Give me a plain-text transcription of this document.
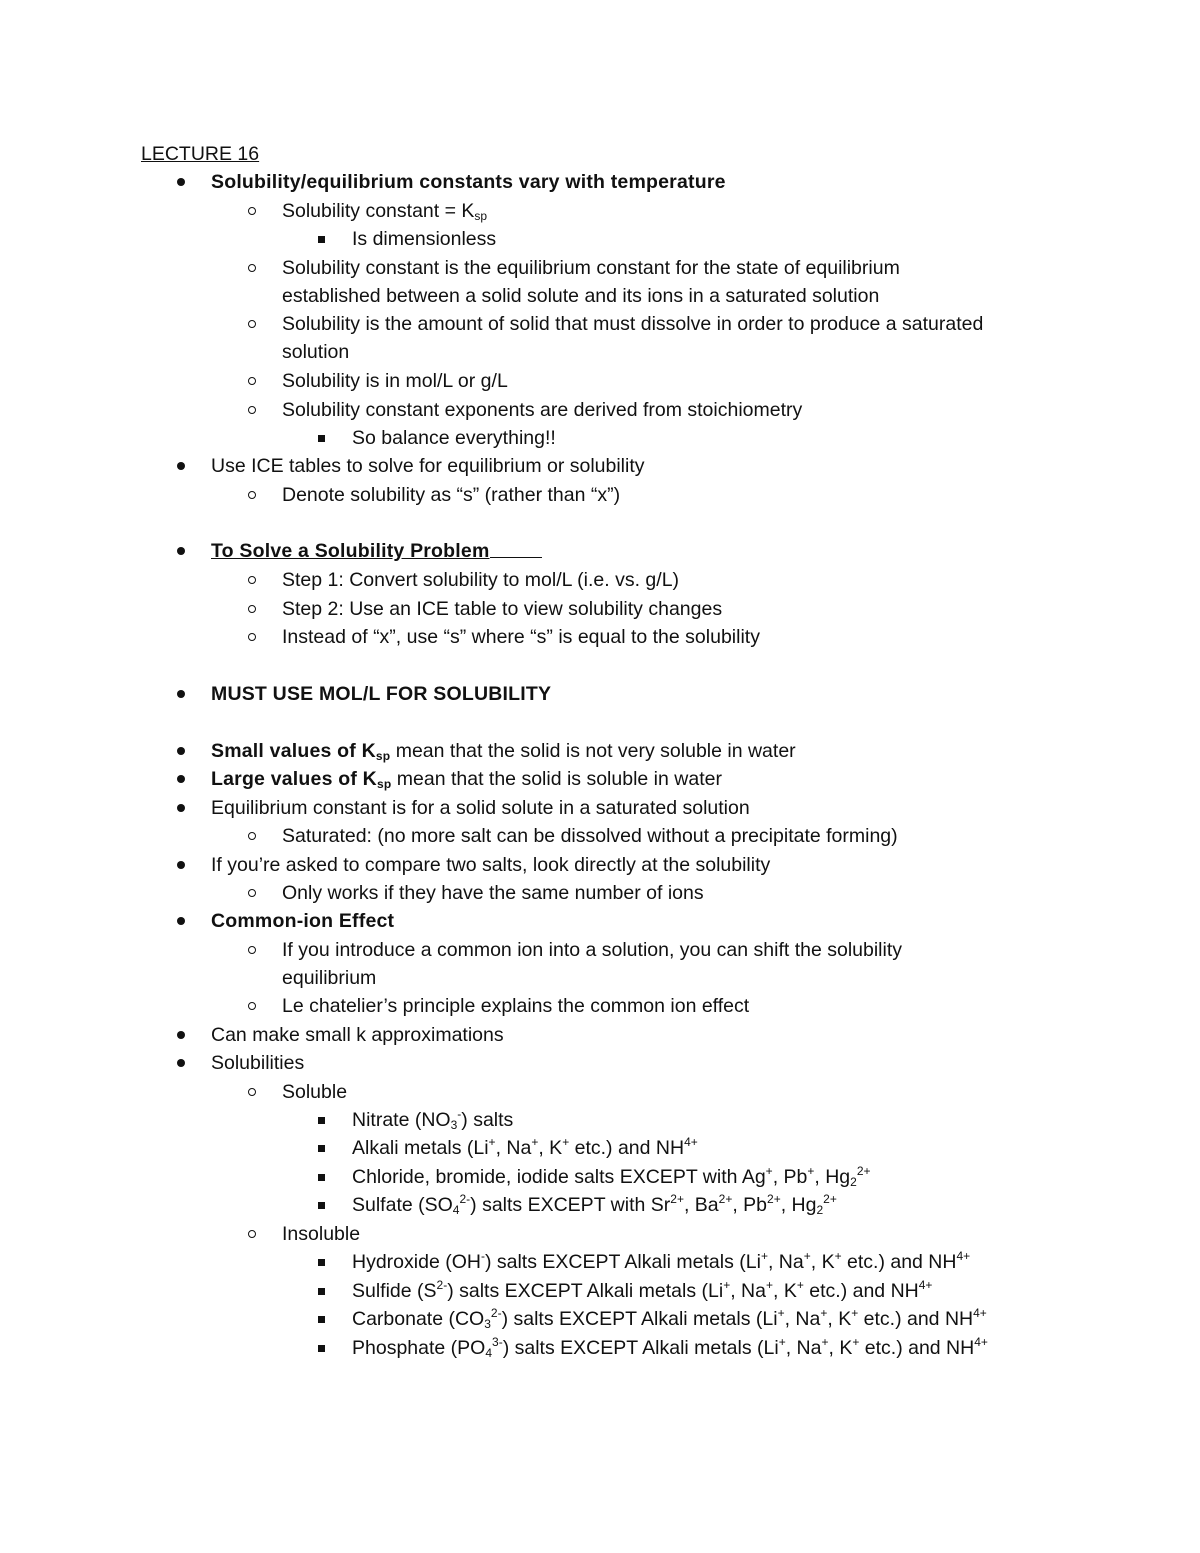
LECTURE 16
Solubility/equilibrium constants vary with temperature
Solubility constant = $K_{sp}$
Is dimensionless
Solubility constant is the equilibrium constant for the state of equilibrium
established between a solid solute and its ions in a saturated solution
Solubility is the amount of solid that must dissolve in order to produce a saturated
solution
Solubility is in mol/L or g/L
Solubility constant exponents are derived from stoichiometry
So balance everything!!
Use ICE tables to solve for equilibrium or solubility
Denote solubility as “s” (rather than “x”)
To Solve a Solubility Problem
Step 1: Convert solubility to mol/L (i.e. vs. g/L)
Step 2: Use an ICE table to view solubility changes
Instead of “x”, use “s” where “s” is equal to the solubility
MUST USE MOL/L FOR SOLUBILITY
Small values of $K_{sp}$ mean that the solid is not very soluble in water
Large values of $K_{sp}$ mean that the solid is soluble in water
Equilibrium constant is for a solid solute in a saturated solution
Saturated: (no more salt can be dissolved without a precipitate forming)
If you’re asked to compare two salts, look directly at the solubility
Only works if they have the same number of ions
Common-ion Effect
If you introduce a common ion into a solution, you can shift the solubility
equilibrium
Le chatelier’s principle explains the common ion effect
Can make small k approximations
Solubilities
Soluble
Nitrate $(NO_3^-)$ salts
Alkali metals (Li+, Na+, K+ etc.) and $NH^{4+}$
Chloride, bromide, iodide salts EXCEPT with Ag+, Pb+, $Hg_2^{2+}$
Sulfate $(SO_4^{2-})$ salts EXCEPT with $Sr^{2+}$, $Ba^{2+}$, $Pb^{2+}$, $Hg_2^{2+}$
Insoluble
Hydroxide (OH-) salts EXCEPT Alkali metals (Li+, Na+, K+ etc.) and $NH^{4+}$
Sulfide $(S^{2-})$ salts EXCEPT Alkali metals (Li+, Na+, K+ etc.) and $NH^{4+}$
Carbonate $(CO_3^{2-})$ salts EXCEPT Alkali metals (Li+, Na+, K+ etc.) and $NH^{4+}$
Phosphate $(PO_4^{3-})$ salts EXCEPT Alkali metals (Li+, Na+, K+ etc.) and $NH^{4+}$
